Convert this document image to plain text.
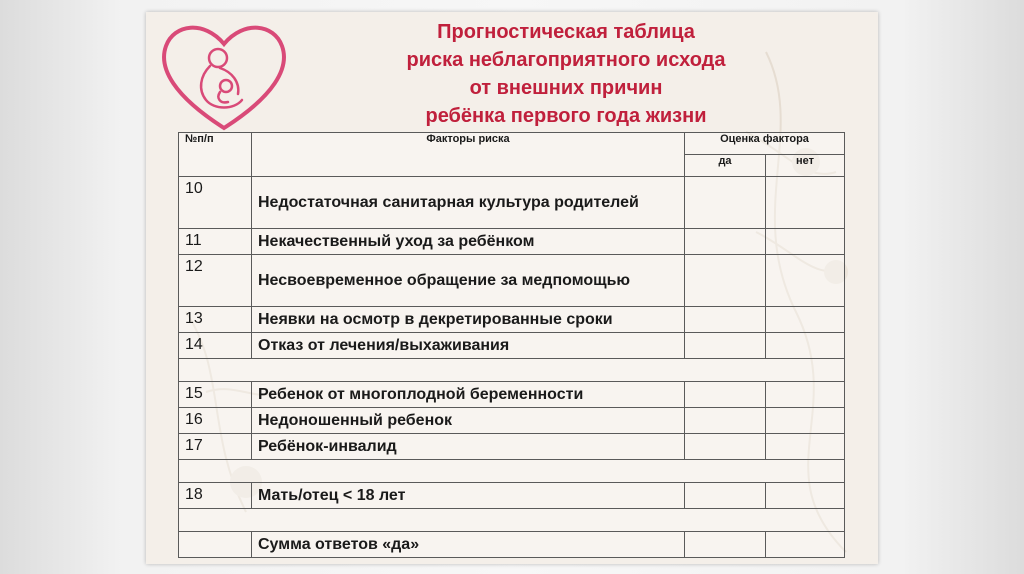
Прогностическая таблица
риска неблагоприятного исхода
от внешних причин
ребёнка первого года жизни
№п/п	Факторы риска	Оценка фактора	
		да	нет
10	Недостаточная санитарная культура родителей		
11	Некачественный уход за ребёнком		
12	Несвоевременное обращение за медпомощью		
13	Неявки на осмотр в декретированные сроки		
14	Отказ от лечения/выхаживания		

15	Ребенок от многоплодной беременности		
16	Недоношенный ребенок		
17	Ребёнок-инвалид		

18	Мать/отец < 18 лет		

	Сумма ответов «да»		
